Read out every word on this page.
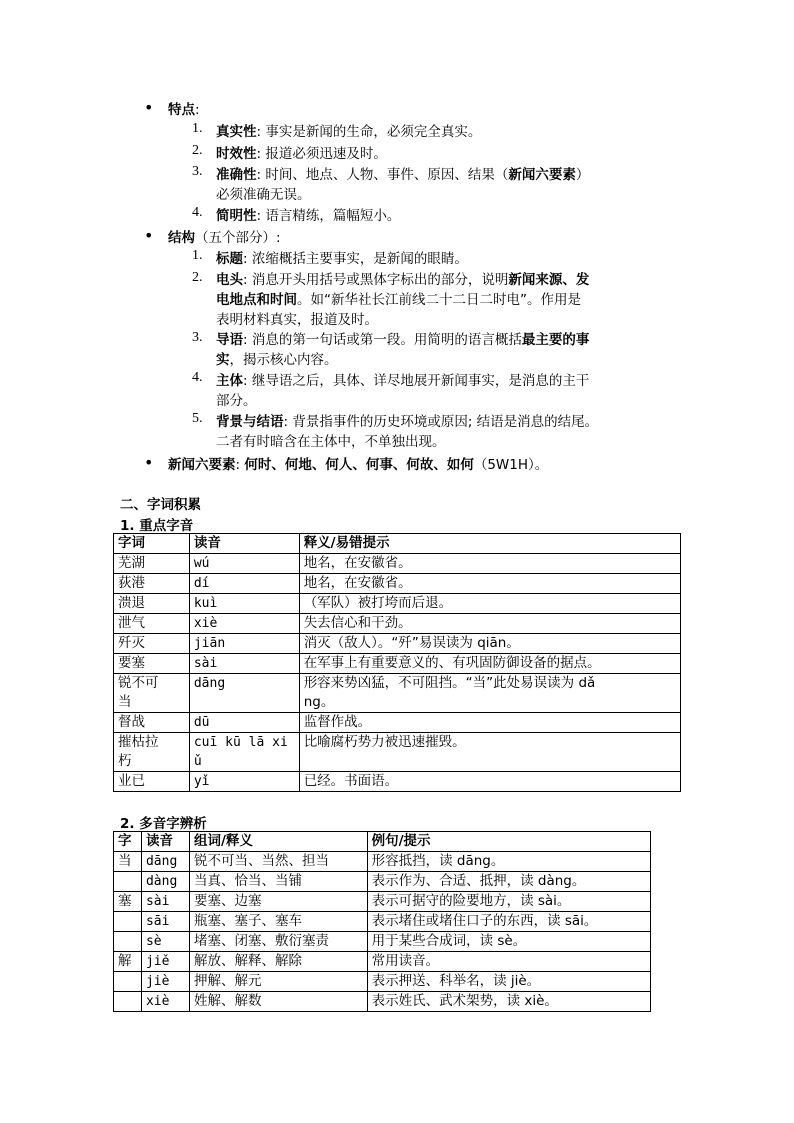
• 特点:
1. 真实性: 事实是新闻的生命，必须完全真实。
2. 时效性: 报道必须迅速及时。
3. 准确性: 时间、地点、人物、事件、原因、结果（新闻六要素）
必须准确无误。
4. 简明性: 语言精练，篇幅短小。
• 结构（五个部分）:
1. 标题: 浓缩概括主要事实，是新闻的眼睛。
2. 电头: 消息开头用括号或黑体字标出的部分，说明新闻来源、发
电地点和时间。如“新华社长江前线二十二日二时电”。作用是
表明材料真实，报道及时。
3. 导语: 消息的第一句话或第一段。用简明的语言概括最主要的事
实，揭示核心内容。
4. 主体: 继导语之后，具体、详尽地展开新闻事实，是消息的主干
部分。
5. 背景与结语: 背景指事件的历史环境或原因; 结语是消息的结尾。
二者有时暗含在主体中，不单独出现。
• 新闻六要素: 何时、何地、何人、何事、何故、如何（5W1H）。
二、字词积累
1. 重点字音
字词	读音	释义/易错提示
芜湖	wú	地名，在安徽省。
荻港	dí	地名，在安徽省。
溃退	kuì	（军队）被打垮而后退。
泄气	xiè	失去信心和干劲。
歼灭	jiān	消灭（敌人）。“歼”易误读为 qiān。
要塞	sài	在军事上有重要意义的、有巩固防御设备的据点。
锐不可
当	dāng	形容来势凶猛，不可阻挡。“当”此处易误读为 dǎ
ng。
督战	dū	监督作战。
摧枯拉
朽	cuī kū lā xi
ǔ	比喻腐朽势力被迅速摧毁。
业已	yǐ	已经。书面语。
2. 多音字辨析
字	读音	组词/释义	例句/提示
当	dāng	锐不可当、当然、担当	形容抵挡，读 dāng。
	dàng	当真、恰当、当铺	表示作为、合适、抵押，读 dàng。
塞	sài	要塞、边塞	表示可据守的险要地方，读 sài。
	sāi	瓶塞、塞子、塞车	表示堵住或堵住口子的东西，读 sāi。
	sè	堵塞、闭塞、敷衍塞责	用于某些合成词，读 sè。
解	jiě	解放、解释、解除	常用读音。
	jiè	押解、解元	表示押送、科举名，读 jiè。
	xiè	姓解、解数	表示姓氏、武术架势，读 xiè。
